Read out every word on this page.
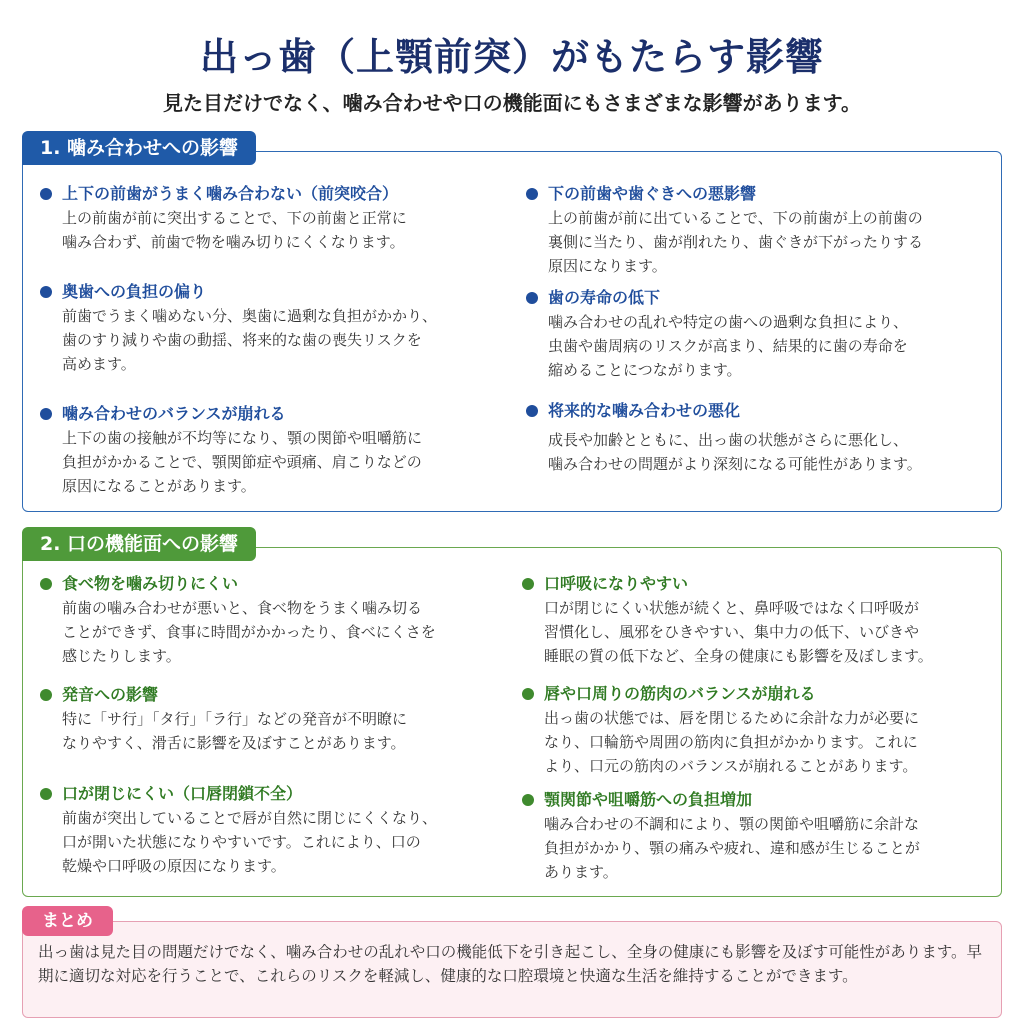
出っ歯（上顎前突）がもたらす影響
見た目だけでなく、噛み合わせや口の機能面にもさまざまな影響があります。
1. 噛み合わせへの影響
上下の前歯がうまく噛み合わない（前突咬合）
上の前歯が前に突出することで、下の前歯と正常に
噛み合わず、前歯で物を噛み切りにくくなります。
奥歯への負担の偏り
前歯でうまく噛めない分、奥歯に過剰な負担がかかり、
歯のすり減りや歯の動揺、将来的な歯の喪失リスクを
高めます。
噛み合わせのバランスが崩れる
上下の歯の接触が不均等になり、顎の関節や咀嚼筋に
負担がかかることで、顎関節症や頭痛、肩こりなどの
原因になることがあります。
下の前歯や歯ぐきへの悪影響
上の前歯が前に出ていることで、下の前歯が上の前歯の
裏側に当たり、歯が削れたり、歯ぐきが下がったりする
原因になります。
歯の寿命の低下
噛み合わせの乱れや特定の歯への過剰な負担により、
虫歯や歯周病のリスクが高まり、結果的に歯の寿命を
縮めることにつながります。
将来的な噛み合わせの悪化
成長や加齢とともに、出っ歯の状態がさらに悪化し、
噛み合わせの問題がより深刻になる可能性があります。
2. 口の機能面への影響
食べ物を噛み切りにくい
前歯の噛み合わせが悪いと、食べ物をうまく噛み切る
ことができず、食事に時間がかかったり、食べにくさを
感じたりします。
発音への影響
特に「サ行」「タ行」「ラ行」などの発音が不明瞭に
なりやすく、滑舌に影響を及ぼすことがあります。
口が閉じにくい（口唇閉鎖不全）
前歯が突出していることで唇が自然に閉じにくくなり、
口が開いた状態になりやすいです。これにより、口の
乾燥や口呼吸の原因になります。
口呼吸になりやすい
口が閉じにくい状態が続くと、鼻呼吸ではなく口呼吸が
習慣化し、風邪をひきやすい、集中力の低下、いびきや
睡眠の質の低下など、全身の健康にも影響を及ぼします。
唇や口周りの筋肉のバランスが崩れる
出っ歯の状態では、唇を閉じるために余計な力が必要に
なり、口輪筋や周囲の筋肉に負担がかかります。これに
より、口元の筋肉のバランスが崩れることがあります。
顎関節や咀嚼筋への負担増加
噛み合わせの不調和により、顎の関節や咀嚼筋に余計な
負担がかかり、顎の痛みや疲れ、違和感が生じることが
あります。
まとめ
出っ歯は見た目の問題だけでなく、噛み合わせの乱れや口の機能低下を引き起こし、全身の健康にも影響を及ぼす可能性があります。早期に適切な対応を行うことで、これらのリスクを軽減し、健康的な口腔環境と快適な生活を維持することができます。
